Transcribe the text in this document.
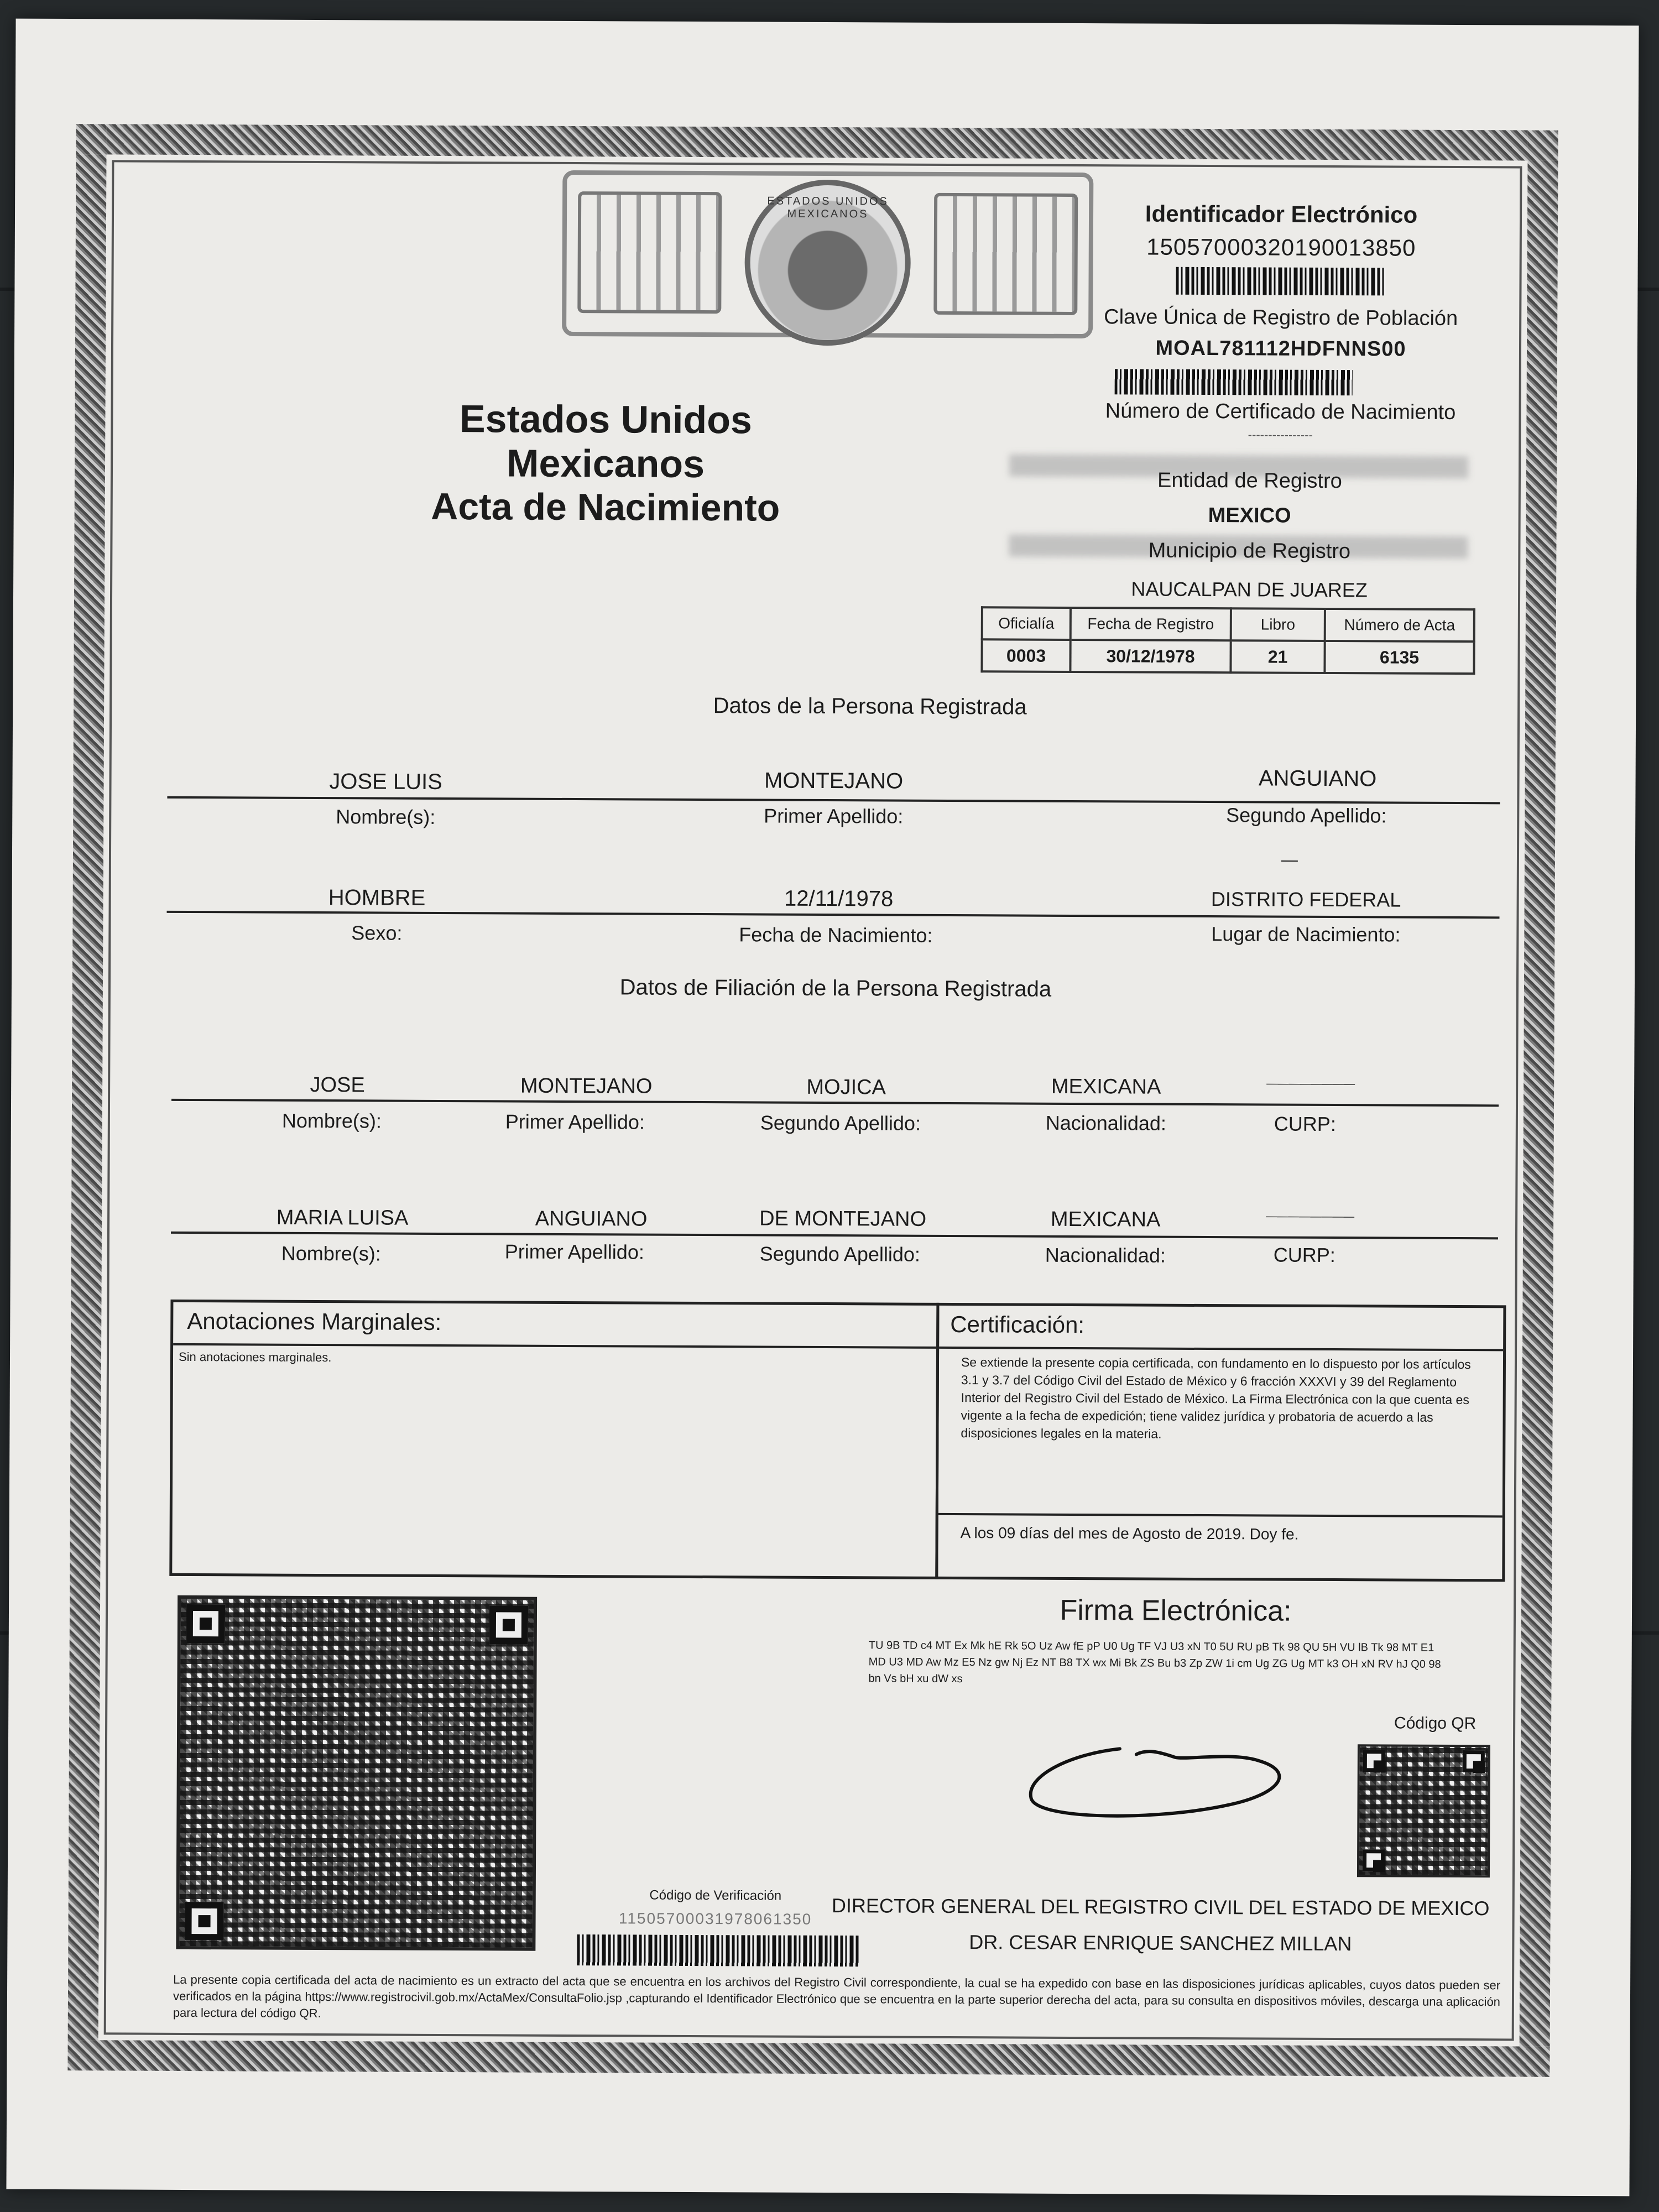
ESTADOS UNIDOS MEXICANOS
Estados Unidos Mexicanos
Acta de Nacimiento
Identificador Electrónico
15057000320190013850
Clave Única de Registro de Población
MOAL781112HDFNNS00
Número de Certificado de Nacimiento
----------------
Entidad de Registro
MEXICO
Municipio de Registro
NAUCALPAN DE JUAREZ
Oficialía	Fecha de Registro	Libro	Número de Acta
0003	30/12/1978	21	6135
Datos de la Persona Registrada
JOSE LUIS	MONTEJANO	ANGUIANO
Nombre(s):	Primer Apellido:	Segundo Apellido:
—
HOMBRE	12/11/1978	DISTRITO FEDERAL
Sexo:	Fecha de Nacimiento:	Lugar de Nacimiento:
Datos de Filiación de la Persona Registrada
JOSE	MONTEJANO	MOJICA	MEXICANA	————————
Nombre(s):	Primer Apellido:	Segundo Apellido:	Nacionalidad:	CURP:
MARIA LUISA	ANGUIANO	DE MONTEJANO	MEXICANA	————————
Nombre(s):	Primer Apellido:	Segundo Apellido:	Nacionalidad:	CURP:
Anotaciones Marginales:
Sin anotaciones marginales.
Certificación:
Se extiende la presente copia certificada, con fundamento en lo dispuesto por los artículos 3.1 y 3.7 del Código Civil del Estado de México y 6 fracción XXXVI y 39 del Reglamento Interior del Registro Civil del Estado de México. La Firma Electrónica con la que cuenta es vigente a la fecha de expedición; tiene validez jurídica y probatoria de acuerdo a las disposiciones legales en la materia.
A los 09 días del mes de Agosto de 2019. Doy fe.
Firma Electrónica:
TU 9B TD c4 MT Ex Mk hE Rk 5O Uz Aw fE pP U0 Ug TF VJ U3 xN T0 5U RU pB Tk 98 QU 5H VU lB Tk 98 MT E1 MD U3 MD Aw Mz E5 Nz gw Nj Ez NT B8 TX wx Mi Bk ZS Bu b3 Zp ZW 1i cm Ug ZG Ug MT k3 OH xN RV hJ Q0 98 bn Vs bH xu dW xs
Código QR
Código de Verificación
115057000319780613​50 DIRECTOR GENERAL DEL REGISTRO CIVIL DEL ESTADO DE MEXICO
DR. CESAR ENRIQUE SANCHEZ MILLAN
La presente copia certificada del acta de nacimiento es un extracto del acta que se encuentra en los archivos del Registro Civil correspondiente, la cual se ha expedido con base en las disposiciones jurídicas aplicables, cuyos datos pueden ser verificados en la página https://www.registrocivil.gob.mx/ActaMex/ConsultaFolio.jsp ,capturando el Identificador Electrónico que se encuentra en la parte superior derecha del acta, para su consulta en dispositivos móviles, descarga una aplicación para lectura del código QR.
